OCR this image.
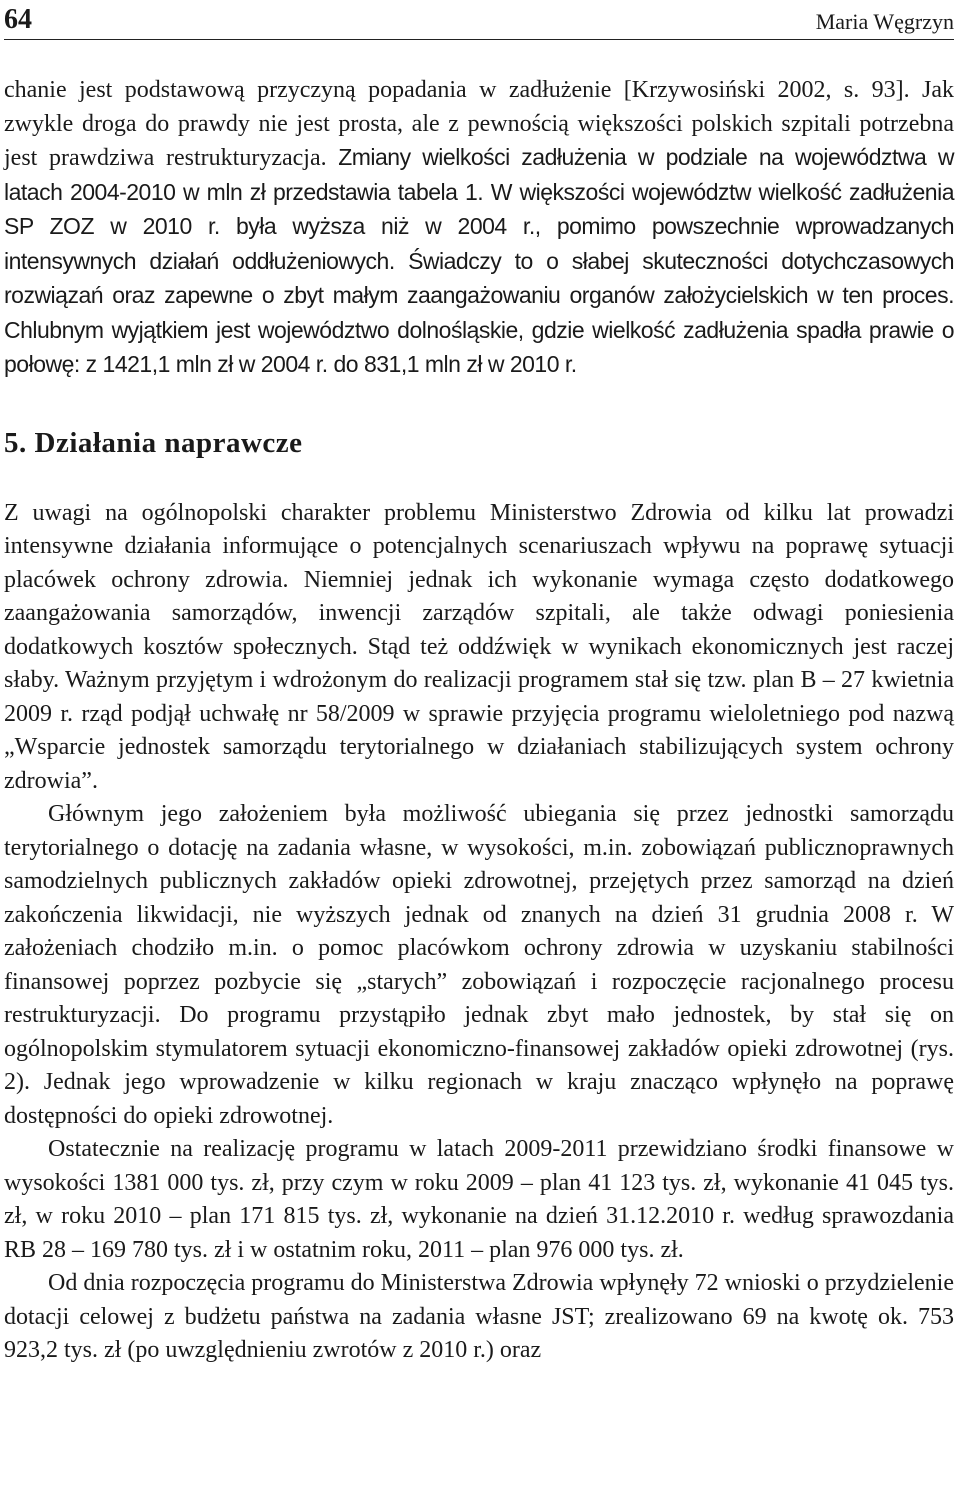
64	Maria Węgrzyn

chanie jest podstawową przyczyną popadania w zadłużenie [Krzywosiński 2002, s. 93]. Jak zwykle droga do prawdy nie jest prosta, ale z pewnością większości polskich szpitali potrzebna jest prawdziwa restrukturyzacja. Zmiany wielkości zadłużenia w podziale na województwa w latach 2004-2010 w mln zł przedstawia tabela 1. W większości województw wielkość zadłużenia SP ZOZ w 2010 r. była wyższa niż w 2004 r., pomimo powszechnie wprowadzanych intensywnych działań oddłużeniowych. Świadczy to o słabej skuteczności dotychczasowych rozwiązań oraz zapewne o zbyt małym zaangażowaniu organów założycielskich w ten proces. Chlubnym wyjątkiem jest województwo dolnośląskie, gdzie wielkość zadłużenia spadła prawie o połowę: z 1421,1 mln zł w 2004 r. do 831,1 mln zł w 2010 r.

5. Działania naprawcze

Z uwagi na ogólnopolski charakter problemu Ministerstwo Zdrowia od kilku lat prowadzi intensywne działania informujące o potencjalnych scenariuszach wpływu na poprawę sytuacji placówek ochrony zdrowia. Niemniej jednak ich wykonanie wymaga często dodatkowego zaangażowania samorządów, inwencji zarządów szpitali, ale także odwagi poniesienia dodatkowych kosztów społecznych. Stąd też oddźwięk w wynikach ekonomicznych jest raczej słaby. Ważnym przyjętym i wdrożonym do realizacji programem stał się tzw. plan B – 27 kwietnia 2009 r. rząd podjął uchwałę nr 58/2009 w sprawie przyjęcia programu wieloletniego pod nazwą „Wsparcie jednostek samorządu terytorialnego w działaniach stabilizujących system ochrony zdrowia”.

Głównym jego założeniem była możliwość ubiegania się przez jednostki samorządu terytorialnego o dotację na zadania własne, w wysokości, m.in. zobowiązań publicznoprawnych samodzielnych publicznych zakładów opieki zdrowotnej, przejętych przez samorząd na dzień zakończenia likwidacji, nie wyższych jednak od znanych na dzień 31 grudnia 2008 r. W założeniach chodziło m.in. o pomoc placówkom ochrony zdrowia w uzyskaniu stabilności finansowej poprzez pozbycie się „starych” zobowiązań i rozpoczęcie racjonalnego procesu restrukturyzacji. Do programu przystąpiło jednak zbyt mało jednostek, by stał się on ogólnopolskim stymulatorem sytuacji ekonomiczno-finansowej zakładów opieki zdrowotnej (rys. 2). Jednak jego wprowadzenie w kilku regionach w kraju znacząco wpłynęło na poprawę dostępności do opieki zdrowotnej.

Ostatecznie na realizację programu w latach 2009-2011 przewidziano środki finansowe w wysokości 1381 000 tys. zł, przy czym w roku 2009 – plan 41 123 tys. zł, wykonanie 41 045 tys. zł, w roku 2010 – plan 171 815 tys. zł, wykonanie na dzień 31.12.2010 r. według sprawozdania RB 28 – 169 780 tys. zł i w ostatnim roku, 2011 – plan 976 000 tys. zł.

Od dnia rozpoczęcia programu do Ministerstwa Zdrowia wpłynęły 72 wnioski o przydzielenie dotacji celowej z budżetu państwa na zadania własne JST; zrealizowano 69 na kwotę ok. 753 923,2 tys. zł (po uwzględnieniu zwrotów z 2010 r.) oraz
